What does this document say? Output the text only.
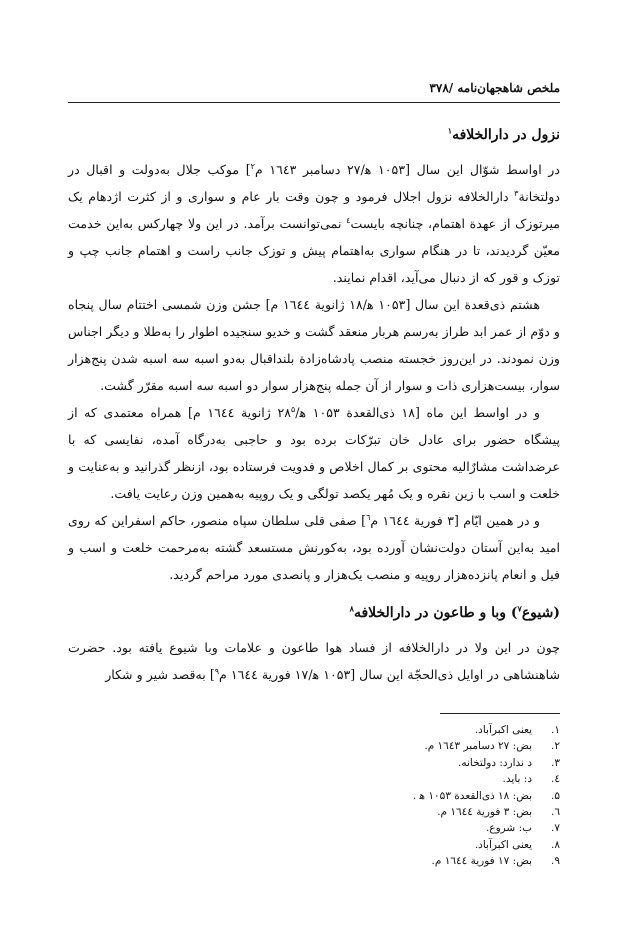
ملخص شاهجهان‌نامه /۳۷۸
نزول در دارالخلافه$^۱$

در اواسط شوّال این سال [۱۰۵۳ ﻫ/۲۷ دسامبر ۱٦٤۳ م$^۲$] موکب جلال به‌دولت و اقبال در دولتخانة$^۳$ دارالخلافه نزول اجلال فرمود و چون وقت بار عام و سواری و از کثرت اژدهام یک میرتوزک از عهدة اهتمام، چنانچه بایست$^٤$ نمی‌توانست برآمد. در این ولا چهارکس به‌این خدمت معیّن گردیدند، تا در هنگام سواری به‌اهتمام پیش و توزک جانب راست و اهتمام جانب چپ و توزک و قور که از دنبال می‌آید، اقدام نمایند.

هشتم ذی‌قعدة این سال [۱۰۵۳ ﻫ/۱۸ ژانویة ۱٦٤٤ م] جشن وزن شمسی اختتام سال پنجاه و دوّم از عمر ابد طراز به‌رسم هربار منعقد گشت و خدیو سنجیده اطوار را به‌طلا و دیگر اجناس وزن نمودند. در این‌روز خجسته منصب پادشاه‌زادة بلنداقبال به‌دو اسبه سه اسبه شدن پنج‌هزار سوار، بیست‌هزاری ذات و سوار از آن جمله پنج‌هزار سوار دو اسبه سه اسبه مقرّر گشت.

و در اواسط این ماه [۱۸ ذی‌القعدة ۱۰۵۳ $ﻫ/۲۸^۵$ ژانویة ۱٦٤٤ م] همراه معتمدی که از پیشگاه حضور برای عادل خان تبرّکات برده بود و حاجبی به‌درگاه آمده، نفایسی که با عرضداشت مشارٌالیه محتوی بر کمال اخلاص و فدویت فرستاده بود، ازنظر گذرانید و به‌عنایت و خلعت و اسب با زین نقره و یک مُهر یکصد تولگی و یک روپیه به‌همین وزن رعایت یافت.

و در همین ایّام [۳ فوریة ۱٦٤٤ م$^٦$] صفی قلی سلطان سپاه منصور، حاکم اسفراین که روی امید به‌این آستان دولت‌نشان آورده بود، به‌کورنش مستسعد گشته به‌مرحمت خلعت و اسب و فیل و انعام پانزده‌هزار روپیه و منصب یک‌هزار و پانصدی مورد مراحم گردید.

(شیوع$^۷$) وبا و طاعون در دارالخلافه$^۸$

چون در این ولا در دارالخلافه از فساد هوا طاعون و علامات وبا شیوع یافته بود. حضرت شاهنشاهی در اوایل ذی‌الحجّة این سال [۱۰۵۳ ﻫ/۱۷ فوریة ۱٦٤٤ م$^۹$] به‌قصد شیر و شکار

۱.
یعنی اکبرآباد.
۲.
بض: ۲۷ دسامبر ۱٦٤۳ م.
۳.
د ندارد: دولتخانه.
٤.
د: باید.
۵.
بض: ۱۸ ذی‌القعدة ۱۰۵۳ ﻫ .
٦.
بض: ۳ فوریة ۱٦٤٤ م.
۷.
ب: شروع.
۸.
یعنی اکبرآباد.
۹.
بض: ۱۷ فوریة ۱٦٤٤ م.
